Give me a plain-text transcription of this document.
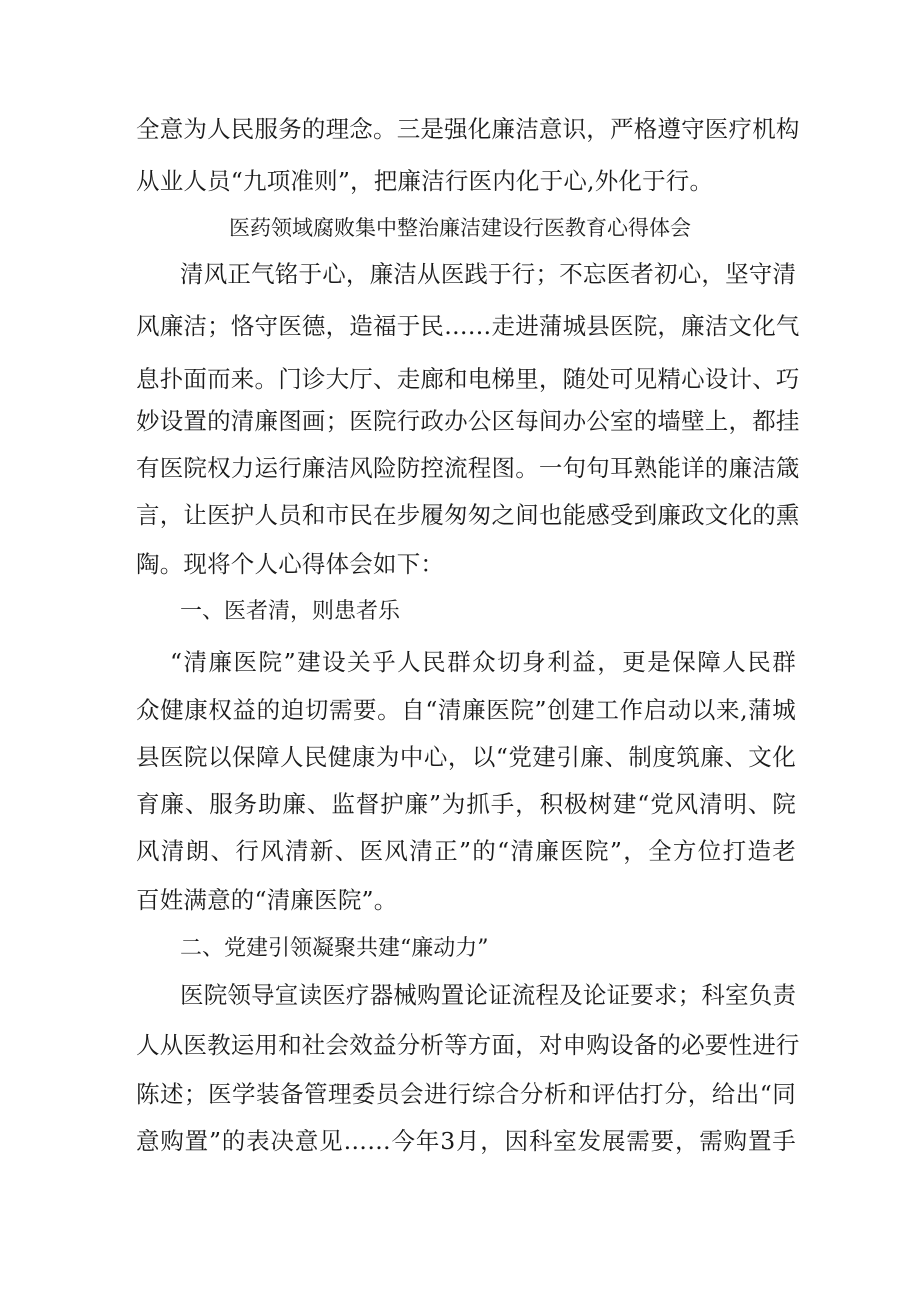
全意为人民服务的理念。三是强化廉洁意识，严格遵守医疗机构
从业人员“九项准则”，把廉洁行医内化于心,外化于行。
医药领域腐败集中整治廉洁建设行医教育心得体会
清风正气铭于心，廉洁从医践于行；不忘医者初心，坚守清
风廉洁；恪守医德，造福于民……走进蒲城县医院，廉洁文化气
息扑面而来。门诊大厅、走廊和电梯里，随处可见精心设计、巧
妙设置的清廉图画；医院行政办公区每间办公室的墙壁上，都挂
有医院权力运行廉洁风险防控流程图。一句句耳熟能详的廉洁箴
言，让医护人员和市民在步履匆匆之间也能感受到廉政文化的熏
陶。现将个人心得体会如下：
一、医者清，则患者乐
“清廉医院”建设关乎人民群众切身利益，更是保障人民群
众健康权益的迫切需要。自“清廉医院”创建工作启动以来,蒲城
县医院以保障人民健康为中心，以“党建引廉、制度筑廉、文化
育廉、服务助廉、监督护廉”为抓手，积极树建“党风清明、院
风清朗、行风清新、医风清正”的“清廉医院”，全方位打造老
百姓满意的“清廉医院”。
二、党建引领凝聚共建“廉动力”
医院领导宣读医疗器械购置论证流程及论证要求；科室负责
人从医教运用和社会效益分析等方面，对申购设备的必要性进行
陈述；医学装备管理委员会进行综合分析和评估打分，给出“同
意购置”的表决意见……今年3月，因科室发展需要，需购置手
